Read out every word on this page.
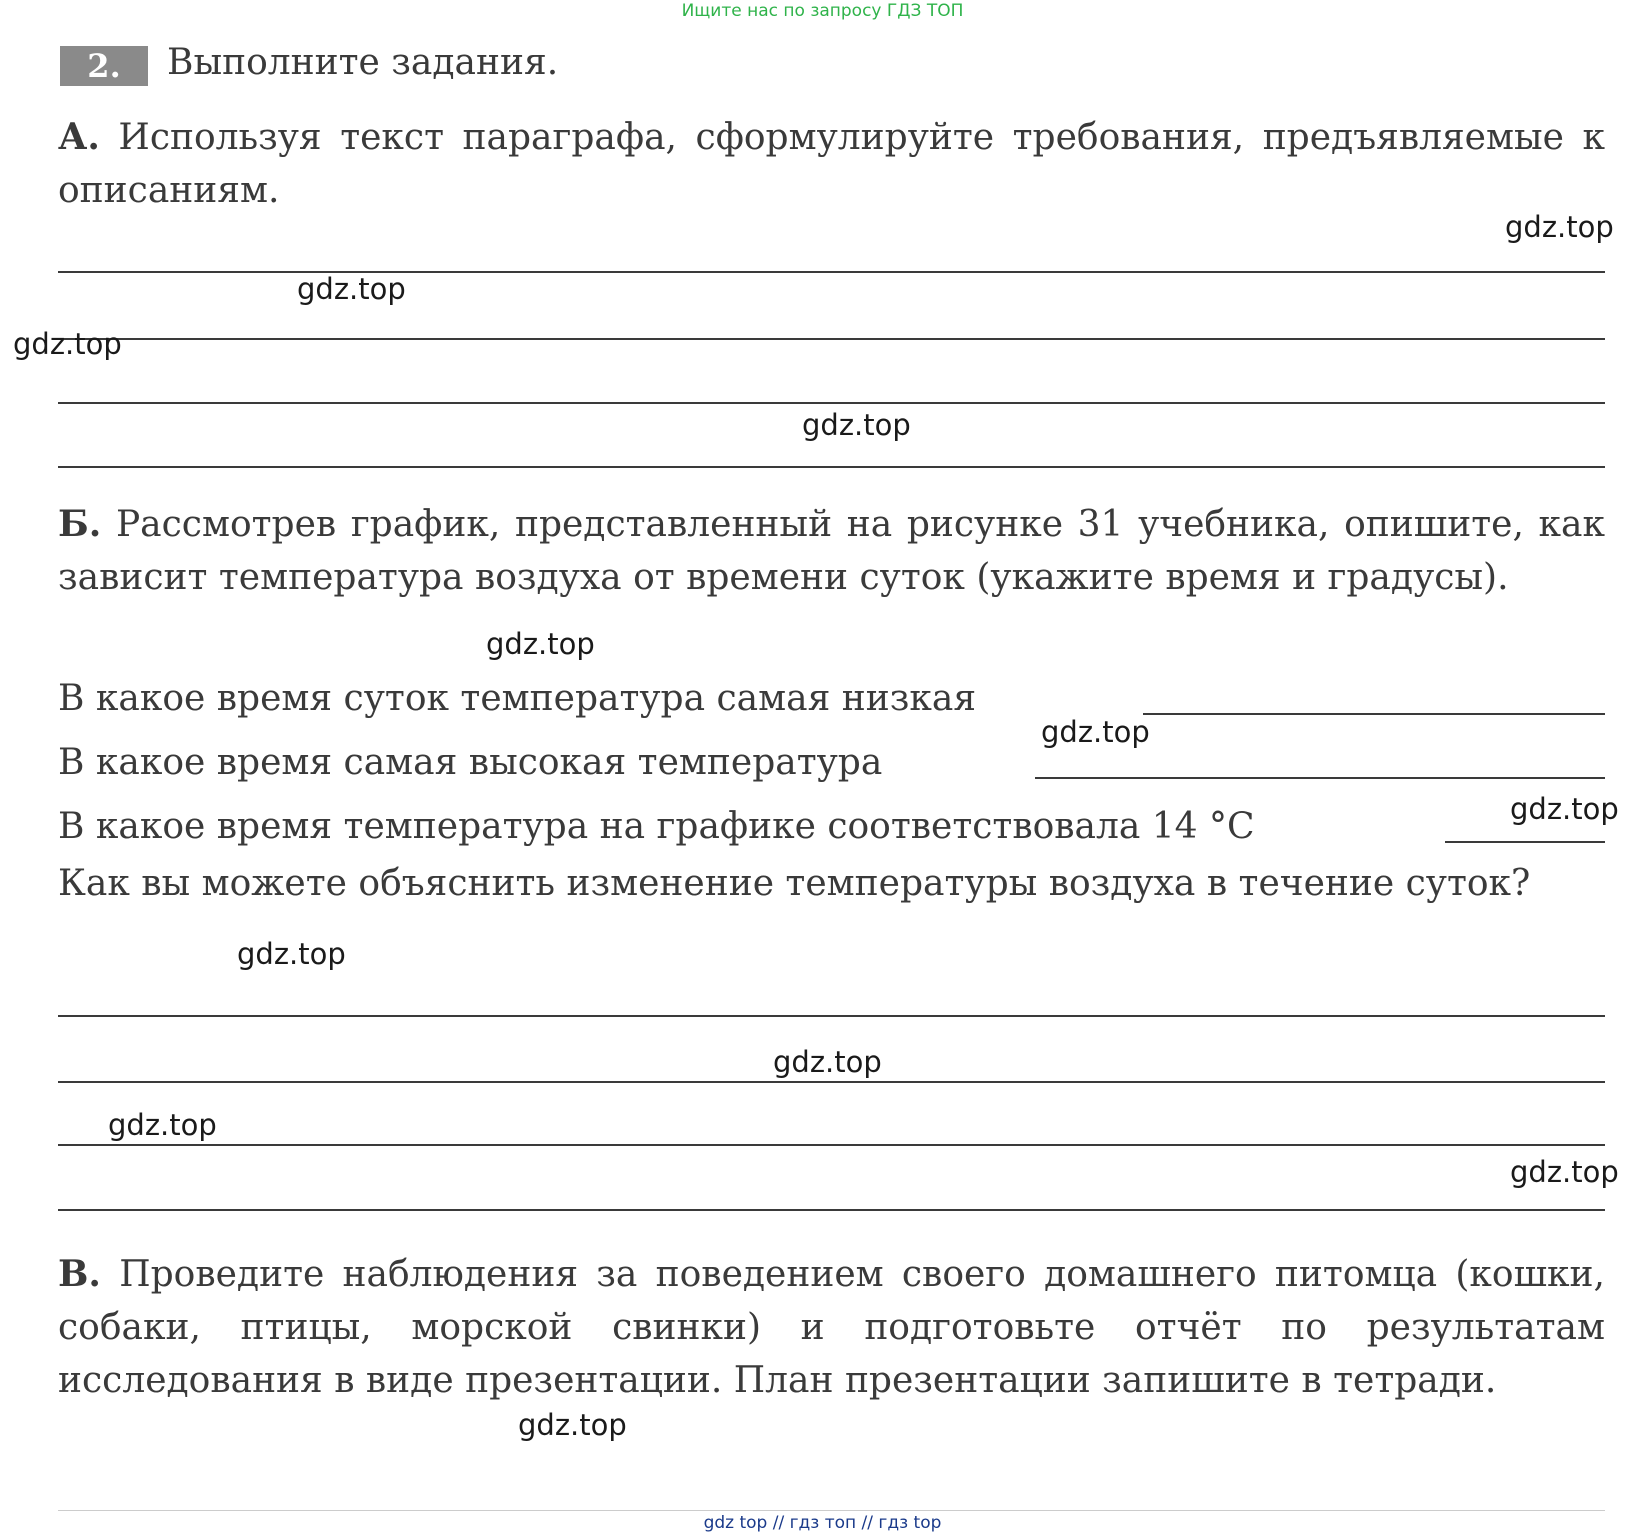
Ищите нас по запросу ГДЗ ТОП
2.	Выполните задания.
А. Используя текст параграфа, сформулируйте требования, предъявляемые к описаниям.
Б. Рассмотрев график, представленный на рисунке 31 учебника, опишите, как зависит температура воздуха от времени суток (укажите время и градусы).
В какое время суток температура самая низкая
В какое время самая высокая температура
В какое время температура на графике соответствовала 14 °С
Как вы можете объяснить изменение температуры воздуха в течение суток?
В. Проведите наблюдения за поведением своего домашнего питомца (кошки, собаки, птицы, морской свинки) и подготовьте отчёт по результатам исследования в виде презентации. План презентации запишите в тетради.
gdz.top
gdz.top
gdz.top
gdz.top
gdz.top
gdz.top
gdz.top
gdz.top
gdz.top
gdz.top
gdz.top
gdz.top
gdz top // гдз топ // гдз top
